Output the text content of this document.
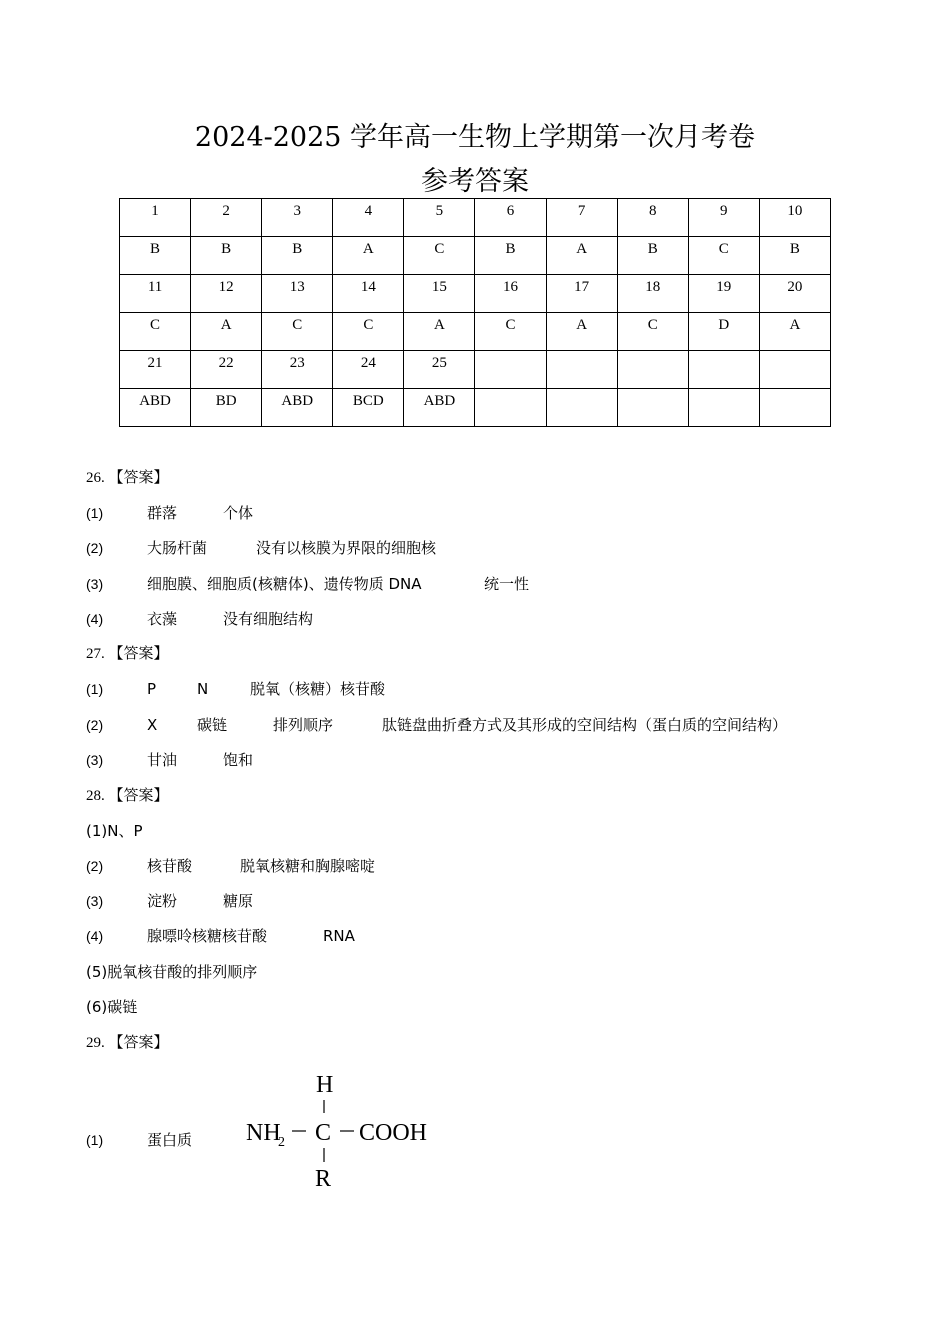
2024-2025 学年高一生物上学期第一次月考卷
参考答案
1	2	3	4	5	6	7	8	9	10
B	B	B	A	C	B	A	B	C	B
11	12	13	14	15	16	17	18	19	20
C	A	C	C	A	C	A	C	D	A
21	22	23	24	25					
ABD	BD	ABD	BCD	ABD					
26. 【答案】
(1)	群落	个体
(2)	大肠杆菌	没有以核膜为界限的细胞核
(3)	细胞膜、细胞质(核糖体)、遗传物质 DNA	统一性
(4)	衣藻	没有细胞结构
27. 【答案】
(1)	P	N	脱氧（核糖）核苷酸
(2)	X	碳链	排列顺序	肽链盘曲折叠方式及其形成的空间结构（蛋白质的空间结构）
(3)	甘油	饱和
28. 【答案】
(1)N、P
(2)	核苷酸	脱氧核糖和胸腺嘧啶
(3)	淀粉	糖原
(4)	腺嘌呤核糖核苷酸	RNA
(5)脱氧核苷酸的排列顺序
(6)碳链
29. 【答案】
(1)	蛋白质
H
NH
2 C COOH
R
